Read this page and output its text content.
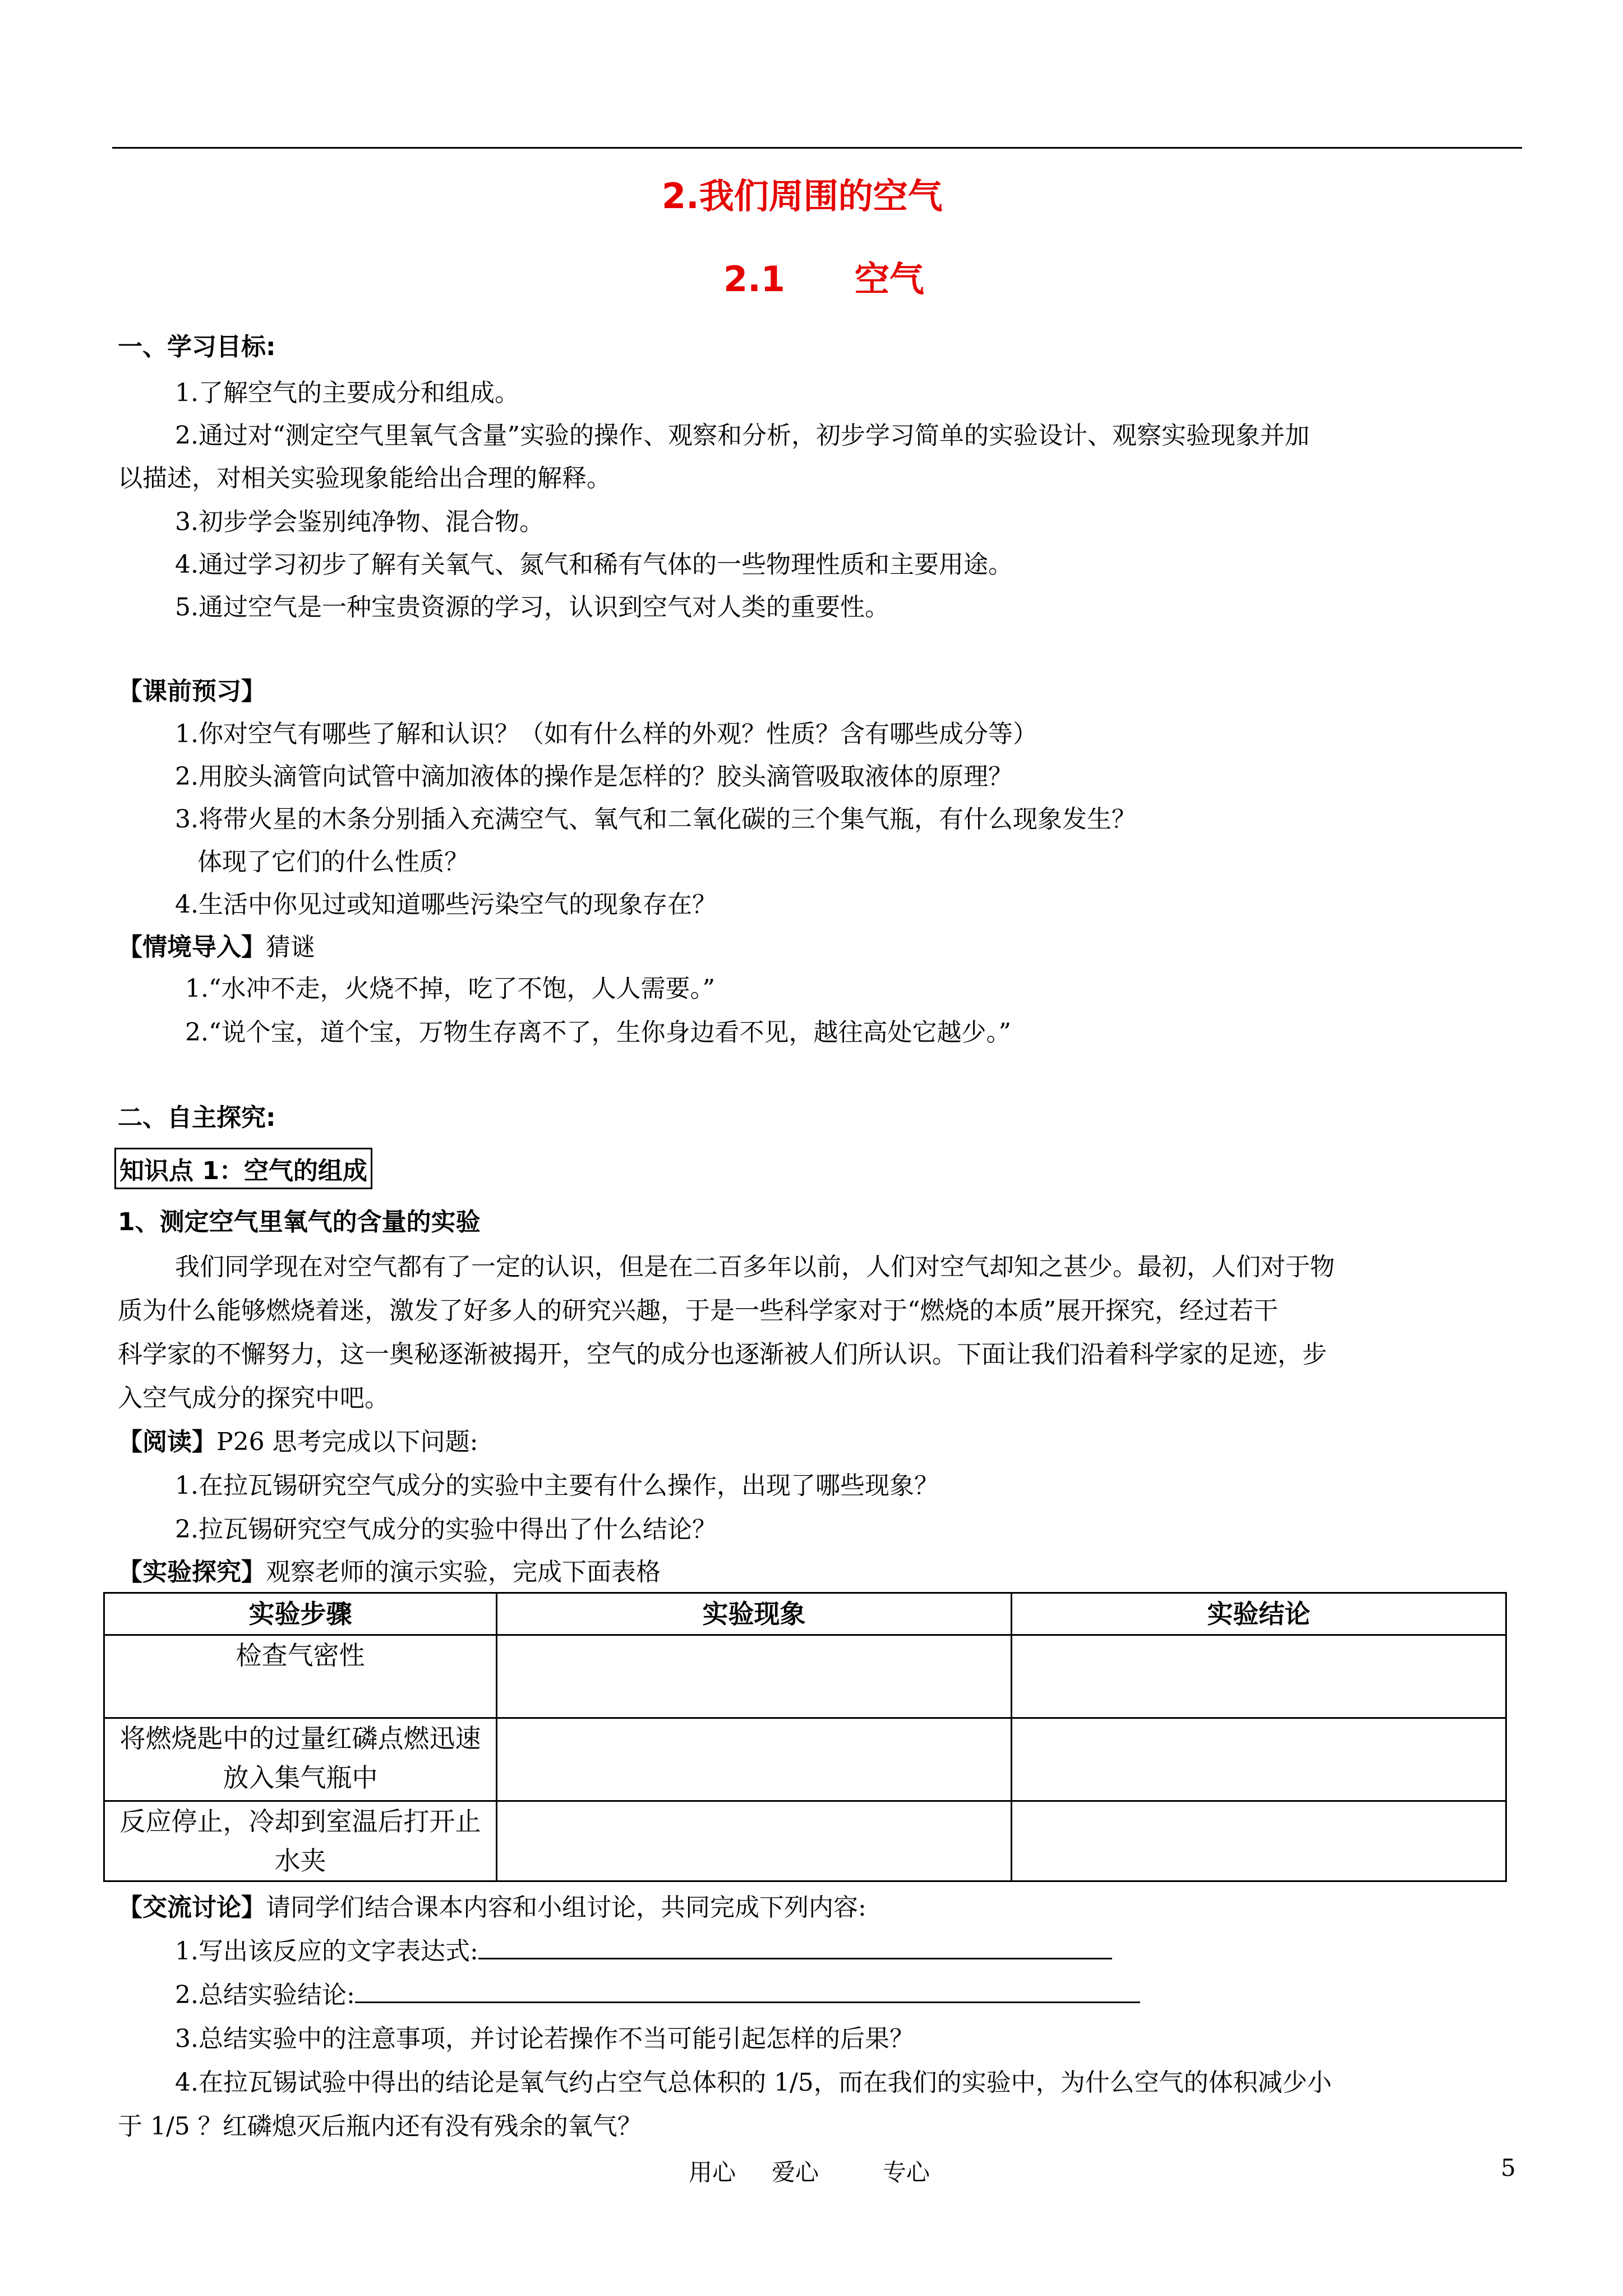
2.我们周围的空气
2.1　　空气
一、学习目标:
1.了解空气的主要成分和组成。
2.通过对“测定空气里氧气含量”实验的操作、观察和分析，初步学习简单的实验设计、观察实验现象并加
以描述，对相关实验现象能给出合理的解释。
3.初步学会鉴别纯净物、混合物。
4.通过学习初步了解有关氧气、氮气和稀有气体的一些物理性质和主要用途。
5.通过空气是一种宝贵资源的学习，认识到空气对人类的重要性。
【课前预习】
1.你对空气有哪些了解和认识？（如有什么样的外观？性质？含有哪些成分等）
2.用胶头滴管向试管中滴加液体的操作是怎样的？胶头滴管吸取液体的原理？
3.将带火星的木条分别插入充满空气、氧气和二氧化碳的三个集气瓶，有什么现象发生？
体现了它们的什么性质？
4.生活中你见过或知道哪些污染空气的现象存在？
【情境导入】猜谜
1.“水冲不走，火烧不掉，吃了不饱，人人需要。”
2.“说个宝，道个宝，万物生存离不了，生你身边看不见，越往高处它越少。”
二、自主探究:
知识点 1：空气的组成
1、测定空气里氧气的含量的实验
我们同学现在对空气都有了一定的认识，但是在二百多年以前，人们对空气却知之甚少。最初，人们对于物
质为什么能够燃烧着迷，激发了好多人的研究兴趣，于是一些科学家对于“燃烧的本质”展开探究，经过若干
科学家的不懈努力，这一奥秘逐渐被揭开，空气的成分也逐渐被人们所认识。下面让我们沿着科学家的足迹，步
入空气成分的探究中吧。
【阅读】P26 思考完成以下问题:
1.在拉瓦锡研究空气成分的实验中主要有什么操作，出现了哪些现象？
2.拉瓦锡研究空气成分的实验中得出了什么结论？
【实验探究】观察老师的演示实验，完成下面表格
实验步骤	实验现象	实验结论
检查气密性		
将燃烧匙中的过量红磷点燃迅速放入集气瓶中		
反应停止，冷却到室温后打开止水夹		
【交流讨论】请同学们结合课本内容和小组讨论，共同完成下列内容:
1.写出该反应的文字表达式:
2.总结实验结论:
3.总结实验中的注意事项，并讨论若操作不当可能引起怎样的后果？
4.在拉瓦锡试验中得出的结论是氧气约占空气总体积的 1/5，而在我们的实验中，为什么空气的体积减少小
于 1/5 ？红磷熄灭后瓶内还有没有残余的氧气？
用心 爱心	专心	5
